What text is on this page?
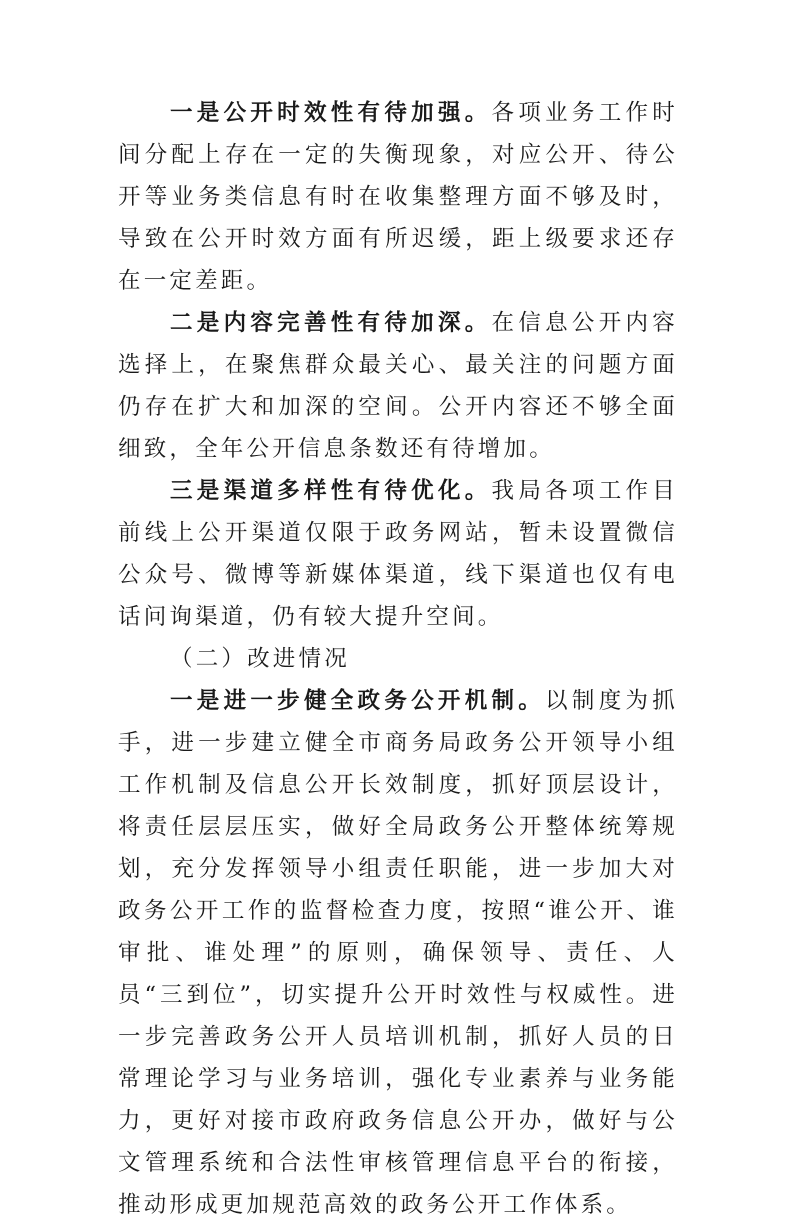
一是公开时效性有待加强。各项业务工作时间分配上存在一定的失衡现象，对应公开、待公开等业务类信息有时在收集整理方面不够及时，导致在公开时效方面有所迟缓，距上级要求还存在一定差距。

二是内容完善性有待加深。在信息公开内容选择上，在聚焦群众最关心、最关注的问题方面仍存在扩大和加深的空间。公开内容还不够全面细致，全年公开信息条数还有待增加。

三是渠道多样性有待优化。我局各项工作目前线上公开渠道仅限于政务网站，暂未设置微信公众号、微博等新媒体渠道，线下渠道也仅有电话问询渠道，仍有较大提升空间。

（二）改进情况

一是进一步健全政务公开机制。以制度为抓手，进一步建立健全市商务局政务公开领导小组工作机制及信息公开长效制度，抓好顶层设计，将责任层层压实，做好全局政务公开整体统筹规划，充分发挥领导小组责任职能，进一步加大对政务公开工作的监督检查力度，按照“谁公开、谁审批、谁处理”的原则，确保领导、责任、人员“三到位”，切实提升公开时效性与权威性。进一步完善政务公开人员培训机制，抓好人员的日常理论学习与业务培训，强化专业素养与业务能力，更好对接市政府政务信息公开办，做好与公文管理系统和合法性审核管理信息平台的衔接，推动形成更加规范高效的政务公开工作体系。
